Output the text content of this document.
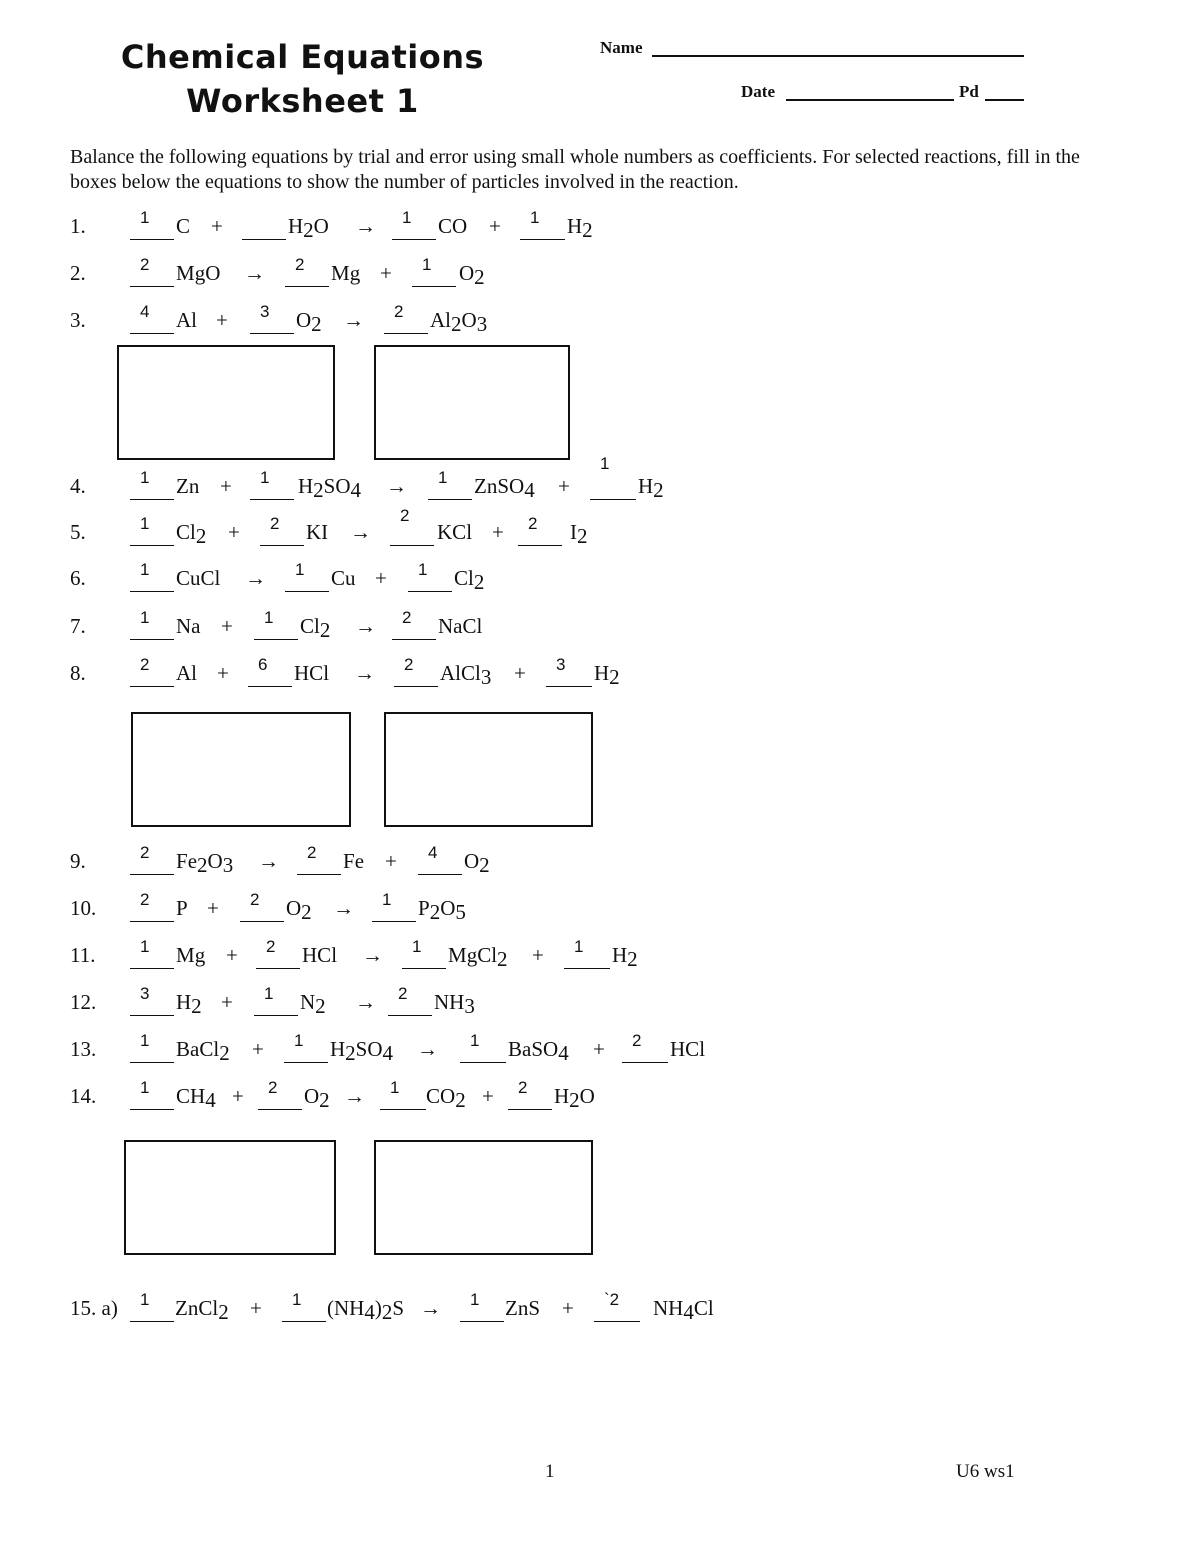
Chemical Equations
Worksheet 1
Name
Date	Pd
Balance the following equations by trial and error using small whole numbers as coefficients. For selected reactions, fill in the boxes below the equations to show the number of particles involved in the reaction.
1.	1 C	H2O	1 CO	1 H2
+	→	+
2.	2 MgO	2 Mg	1 O2
→	+
3.	4 Al	3 O2
2 Al2O3
+	→
4.	1 Zn	1 H2SO4
1 ZnSO4
1
H2
+	→	+
5.	1 Cl2
2 KI
2
KCl	2 I2
+	→	+
6.	1 CuCl	1 Cu	1 Cl2
→	+
7.	1 Na	1 Cl2
2 NaCl
+	→
8.	2 Al	6 HCl	2 AlCl3
3 H2
+	→	+
9.	2 Fe2O3
2 Fe	4 O2
→	+
10.	2 P	2 O2
1 P2O5
+	→
11.	1 Mg	2 HCl	1 MgCl2
1 H2
+	→	+
12.	3 H2
1 N2
2 NH3
+	→
13.	1 BaCl2
1 H2SO4
1 BaSO4
2 HCl
+	→	+
14.	1 CH4
2 O2
1 CO2
2 H2O
+	→	+
15. a) 1 ZnCl2
1 (NH4)2S	1 ZnS	`2 NH4Cl
+	→	+
1	U6 ws1
